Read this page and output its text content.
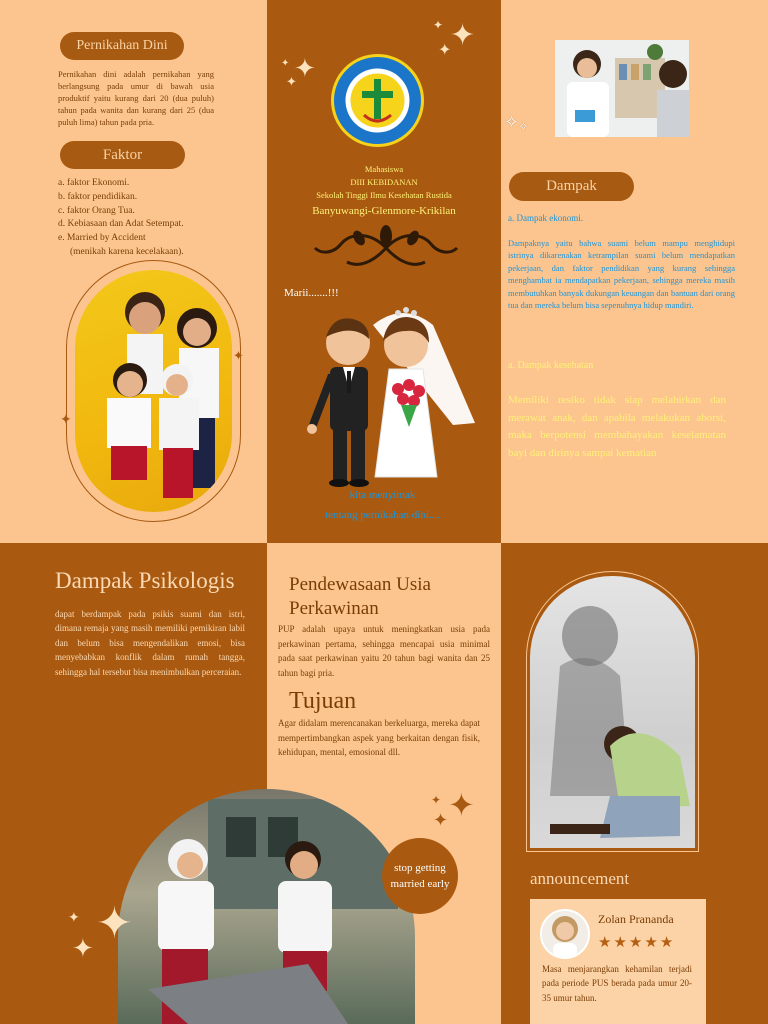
Pernikahan Dini
Pernikahan dini adalah pernikahan yang berlangsung pada umur di bawah usia produktif yaitu kurang dari 20 (dua puluh) tahun pada wanita dan kurang dari 25 (dua puluh lima) tahun pada pria.
Faktor
a. faktor Ekonomi.
b. faktor pendidikan.
c. faktor Orang Tua.
d. Kebiasaan dan Adat Setempat.
e. Married by Accident
(menikah karena kecelakaan).
✦
✦
✦
✦
✦
✦
✦
✦
Mahasiswa
DIII KEBIDANAN
Sekolah Tinggi Ilmu Kesehatan Rustida
Banyuwangi-Glenmore-Krikilan
Marii.......!!!
kita menyimak
tentang pernikahan dini....
✧
✧
Dampak
a. Dampak ekonomi.
Dampaknya yaitu bahwa suami belum mampu menghidupi istrinya dikarenakan ketrampilan suami belum mendapatkan pekerjaan, dan faktor pendidikan yang kurang sehingga menghambat ia mendapatkan pekerjaan, sehingga mereka masih membutuhkan banyak dukungan keuangan dan bantuan dari orang tua dan mereka belum bisa sepenuhnya hidup mandiri.
a. Dampak kesehatan
Memiliki resiko tidak siap melahirkan dan merawat anak, dan apabila melakukan aborsi, maka berpotensi membahayakan keselamatan bayi dan dirinya sampai kematian
Dampak Psikologis
dapat berdampak pada psikis suami dan istri, dimana remaja yang masih memiliki pemikiran labil dan belum bisa mengendalikan emosi, bisa menyebabkan konflik dalam rumah tangga, sehingga hal tersebut bisa menimbulkan perceraian.
✦
✦
✦
Pendewasaan Usia Perkawinan
PUP adalah upaya untuk meningkatkan usia pada perkawinan pertama, sehingga mencapai usia minimal pada saat perkawinan yaitu 20 tahun bagi wanita dan 25 tahun bagi pria.
Tujuan
Agar didalam merencanakan berkeluarga, mereka dapat mempertimbangkan aspek yang berkaitan dengan fisik, kehidupan, mental, emosional dll.
✦
✦
✦
stop getting married early	announcement
Zolan Prananda
★ ★ ★ ★ ★
Masa menjarangkan kehamilan terjadi pada periode PUS berada pada umur 20-35 umur tahun.
